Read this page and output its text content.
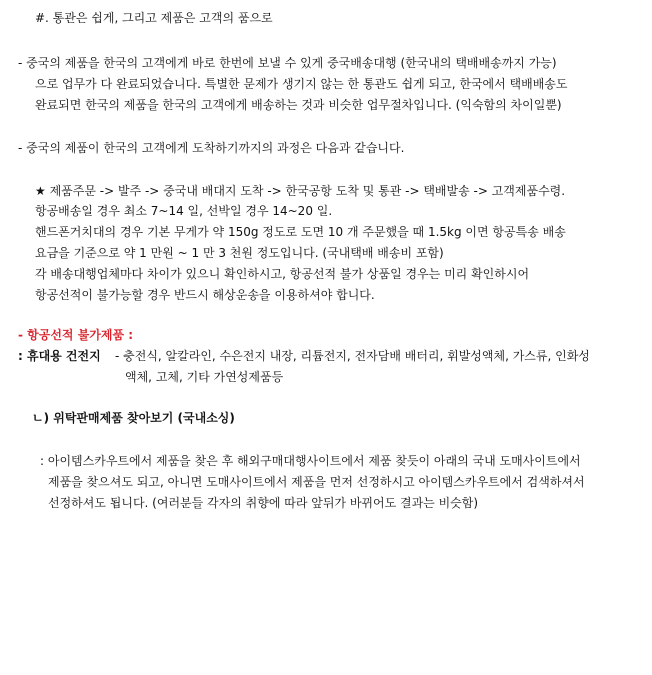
#. 통관은 쉽게, 그리고 제품은 고객의 품으로
- 중국의 제품을 한국의 고객에게 바로 한번에 보낼 수 있게 중국배송대행 (한국내의 택배배송까지 가능)
으로 업무가 다 완료되었습니다. 특별한 문제가 생기지 않는 한 통관도 쉽게 되고, 한국에서 택배배송도
완료되면 한국의 제품을 한국의 고객에게 배송하는 것과 비슷한 업무절차입니다. (익숙함의 차이일뿐)
- 중국의 제품이 한국의 고객에게 도착하기까지의 과정은 다음과 같습니다.
★ 제품주문 -> 발주 -> 중국내 배대지 도착 -> 한국공항 도착 및 통관 -> 택배발송 -> 고객제품수령.
항공배송일 경우 최소 7~14 일, 선박일 경우 14~20 일.
핸드폰거치대의 경우 기본 무게가 약 150g 정도로 도면 10 개 주문했을 때 1.5kg 이면 항공특송 배송
요금을 기준으로 약 1 만원 ~ 1 만 3 천원 정도입니다. (국내택배 배송비 포함)
각 배송대행업체마다 차이가 있으니 확인하시고, 항공선적 불가 상품일 경우는 미리 확인하시어
항공선적이 불가능할 경우 반드시 해상운송을 이용하셔야 합니다.
- 항공선적 불가제품 :
: 휴대용 건전지 - 충전식, 알칼라인, 수은전지 내장, 리튬전지, 전자담배 배터리, 휘발성액체, 가스류, 인화성
액체, 고체, 기타 가연성제품등
ㄴ) 위탁판매제품 찾아보기 (국내소싱)
: 아이템스카우트에서 제품을 찾은 후 해외구매대행사이트에서 제품 찾듯이 아래의 국내 도매사이트에서
제품을 찾으셔도 되고, 아니면 도매사이트에서 제품을 먼저 선정하시고 아이템스카우트에서 검색하셔서
선정하셔도 됩니다. (여러분들 각자의 취향에 따라 앞뒤가 바뀌어도 결과는 비슷함)
